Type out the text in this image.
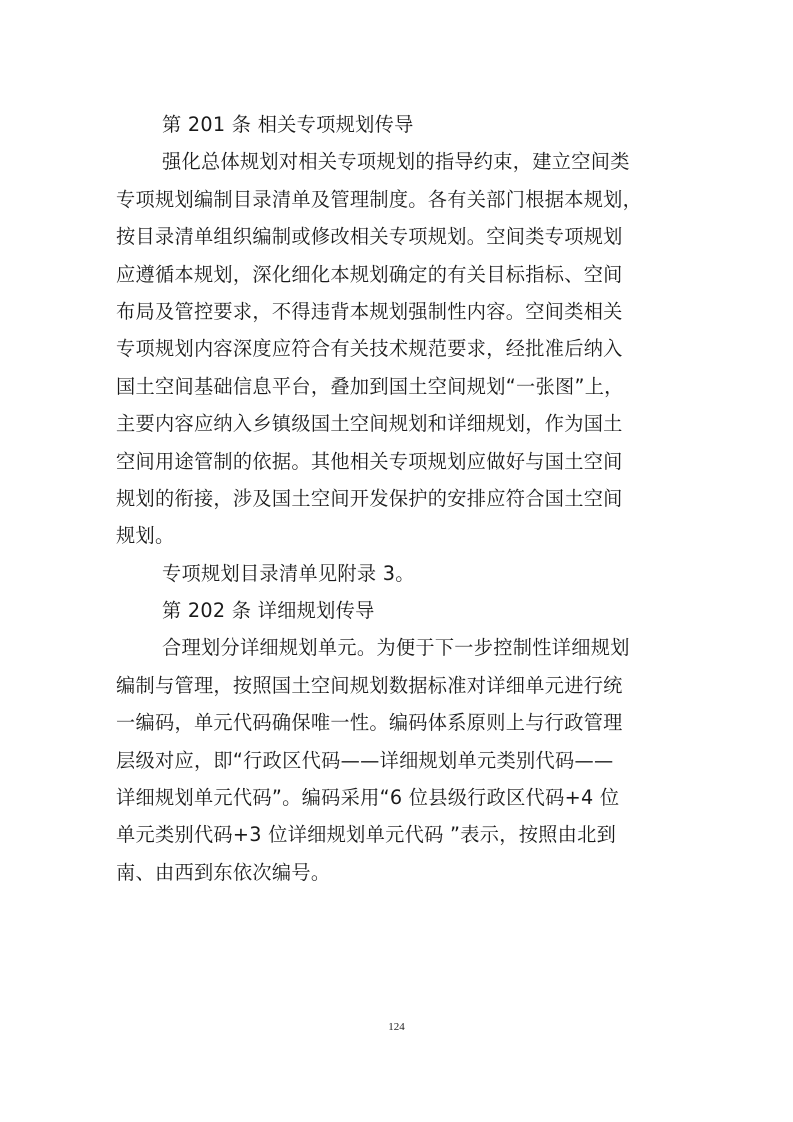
第 201 条 相关专项规划传导
强化总体规划对相关专项规划的指导约束，建立空间类
专项规划编制目录清单及管理制度。各有关部门根据本规划，
按目录清单组织编制或修改相关专项规划。空间类专项规划
应遵循本规划，深化细化本规划确定的有关目标指标、空间
布局及管控要求，不得违背本规划强制性内容。空间类相关
专项规划内容深度应符合有关技术规范要求，经批准后纳入
国土空间基础信息平台，叠加到国土空间规划“一张图”上，
主要内容应纳入乡镇级国土空间规划和详细规划，作为国土
空间用途管制的依据。其他相关专项规划应做好与国土空间
规划的衔接，涉及国土空间开发保护的安排应符合国土空间
规划。
专项规划目录清单见附录 3。
第 202 条 详细规划传导
合理划分详细规划单元。为便于下一步控制性详细规划
编制与管理，按照国土空间规划数据标准对详细单元进行统
一编码，单元代码确保唯一性。编码体系原则上与行政管理
层级对应，即“行政区代码——详细规划单元类别代码——
详细规划单元代码”。编码采用“6 位县级行政区代码+4 位
单元类别代码+3 位详细规划单元代码 ”表示，按照由北到
南、由西到东依次编号。
124
